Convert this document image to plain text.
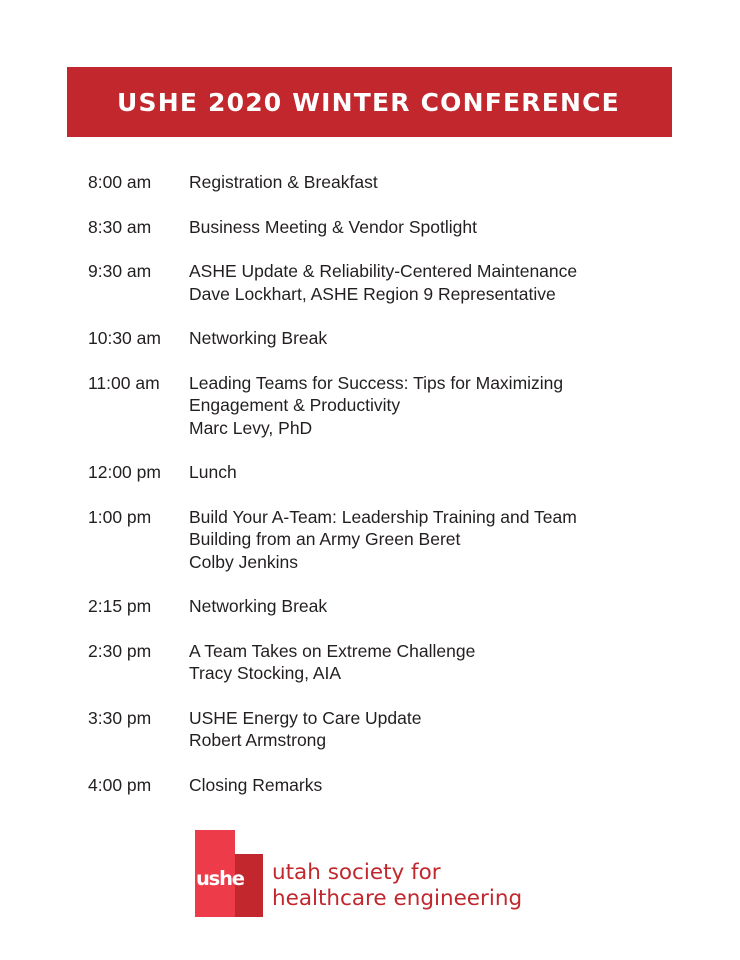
USHE 2020 WINTER CONFERENCE
8:00 am	Registration & Breakfast
8:30 am	Business Meeting & Vendor Spotlight
9:30 am	ASHE Update & Reliability-Centered Maintenance
Dave Lockhart, ASHE Region 9 Representative
10:30 am	Networking Break
11:00 am	Leading Teams for Success: Tips for Maximizing
Engagement & Productivity
Marc Levy, PhD
12:00 pm	Lunch
1:00 pm	Build Your A-Team: Leadership Training and Team
Building from an Army Green Beret
Colby Jenkins
2:15 pm	Networking Break
2:30 pm	A Team Takes on Extreme Challenge
Tracy Stocking, AIA
3:30 pm	USHE Energy to Care Update
Robert Armstrong
4:00 pm	Closing Remarks
ushe utah society for
healthcare engineering
